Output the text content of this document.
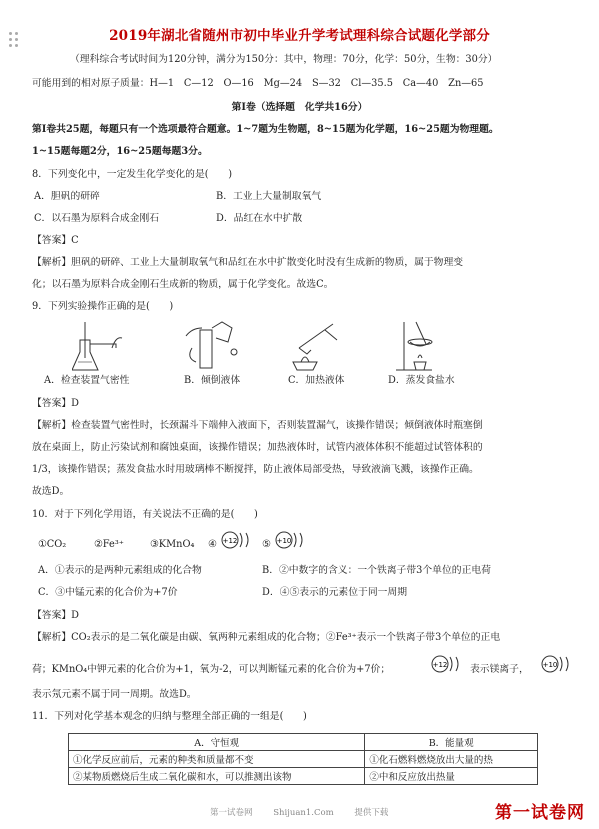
2019年湖北省随州市初中毕业升学考试理科综合试题化学部分
（理科综合考试时间为120分钟，满分为150分：其中，物理：70分，化学：50分，生物：30分）
可能用到的相对原子质量：H—1　C—12　O—16　Mg—24　S—32　Cl—35.5　Ca—40　Zn—65
第Ⅰ卷（选择题　化学共16分）
第Ⅰ卷共25题，每题只有一个选项最符合题意。1~7题为生物题，8~15题为化学题，16~25题为物理题。
1~15题每题2分，16~25题每题3分。
8．下列变化中，一定发生化学变化的是(　　)
A．胆矾的研碎	B．工业上大量制取氧气
C．以石墨为原料合成金刚石	D．品红在水中扩散
【答案】C
【解析】胆矾的研碎、工业上大量制取氧气和品红在水中扩散变化时没有生成新的物质，属于物理变
化；以石墨为原料合成金刚石生成新的物质，属于化学变化。故选C。
9．下列实验操作正确的是(　　)
A．检查装置气密性	B．倾倒液体	C．加热液体	D．蒸发食盐水
【答案】D
【解析】检查装置气密性时，长颈漏斗下端伸入液面下，否则装置漏气，该操作错误；倾倒液体时瓶塞倒
放在桌面上，防止污染试剂和腐蚀桌面，该操作错误；加热液体时，试管内液体体积不能超过试管体积的
1/3，该操作错误；蒸发食盐水时用玻璃棒不断搅拌，防止液体局部受热，导致液滴飞溅，该操作正确。
故选D。
10．对于下列化学用语，有关说法不正确的是(　　)
①CO₂	②Fe³⁺	③KMnO₄ ④ +12	⑤ +10
A．①表示的是两种元素组成的化合物	B．②中数字的含义：一个铁离子带3个单位的正电荷
C．③中锰元素的化合价为+7价	D．④⑤表示的元素位于同一周期
【答案】D
【解析】CO₂表示的是二氧化碳是由碳、氧两种元素组成的化合物；②Fe³⁺表示一个铁离子带3个单位的正电
荷；KMnO₄中钾元素的化合价为+1，氧为-2，可以判断锰元素的化合价为+7价；	+12 表示镁离子， +10
表示氖元素不属于同一周期。故选D。
11．下列对化学基本观念的归纳与整理全部正确的一组是(　　)
A．守恒观	B．能量观
①化学反应前后，元素的种类和质量都不变	①化石燃料燃烧放出大量的热
②某物质燃烧后生成二氧化碳和水，可以推测出该物	②中和反应放出热量
第一试卷网 Shijuan1.Com 提供下载	第一试卷网
